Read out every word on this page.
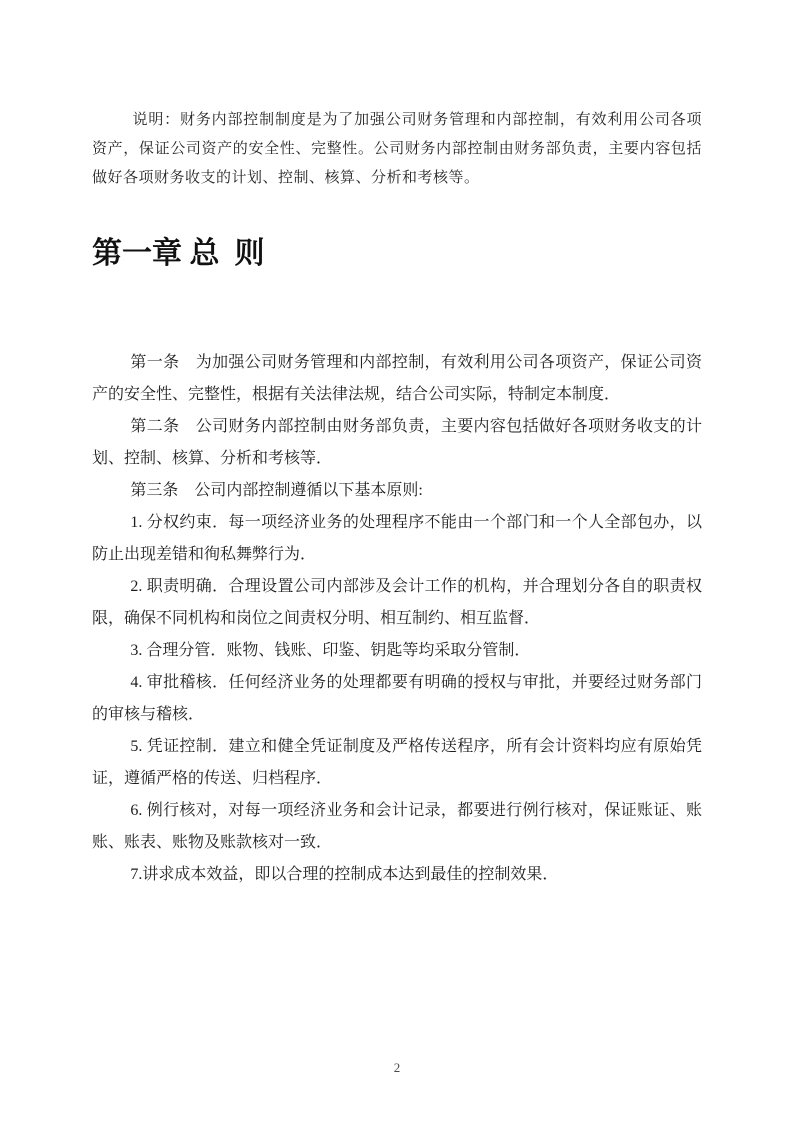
说明：财务内部控制制度是为了加强公司财务管理和内部控制，有效利用公司各项资产，保证公司资产的安全性、完整性。公司财务内部控制由财务部负责，主要内容包括做好各项财务收支的计划、控制、核算、分析和考核等。

第一章 总  则

第一条　为加强公司财务管理和内部控制，有效利用公司各项资产，保证公司资产的安全性、完整性，根据有关法律法规，结合公司实际，特制定本制度．

第二条　公司财务内部控制由财务部负责，主要内容包括做好各项财务收支的计划、控制、核算、分析和考核等．

第三条　公司内部控制遵循以下基本原则:

1. 分权约束．每一项经济业务的处理程序不能由一个部门和一个人全部包办，以防止出现差错和徇私舞弊行为．

2. 职责明确．合理设置公司内部涉及会计工作的机构，并合理划分各自的职责权限，确保不同机构和岗位之间责权分明、相互制约、相互监督．

3. 合理分管．账物、钱账、印鉴、钥匙等均采取分管制．

4. 审批稽核．任何经济业务的处理都要有明确的授权与审批，并要经过财务部门的审核与稽核．

5. 凭证控制．建立和健全凭证制度及严格传送程序，所有会计资料均应有原始凭证，遵循严格的传送、归档程序．

6. 例行核对，对每一项经济业务和会计记录，都要进行例行核对，保证账证、账账、账表、账物及账款核对一致．

7.讲求成本效益，即以合理的控制成本达到最佳的控制效果．

2
